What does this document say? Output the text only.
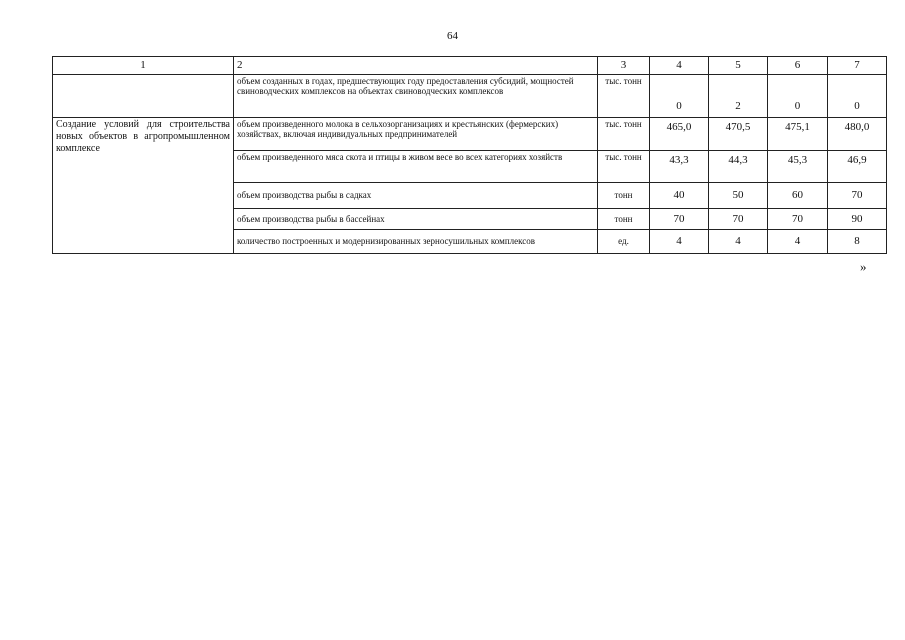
64
1	2	3	4	5	6	7
	объем созданных в годах, предшествующих году предоставления субсидий, мощностей свиноводческих комплексов на объектах свиноводческих комплексов	тыс. тонн	0	2	0	0
Создание условий для строительства новых объектов в агропромышленном комплексе	объем произведенного молока в сельхозорганизациях и крестьянских (фермерских) хозяйствах, включая индивидуальных предпринимателей	тыс. тонн	465,0	470,5	475,1	480,0
	объем произведенного мяса скота и птицы в живом весе во всех категориях хозяйств	тыс. тонн	43,3	44,3	45,3	46,9
	объем производства рыбы в садках	тонн	40	50	60	70
	объем производства рыбы в бассейнах	тонн	70	70	70	90
	количество построенных и модернизированных зерносушильных комплексов	ед.	4	4	4	8
»
